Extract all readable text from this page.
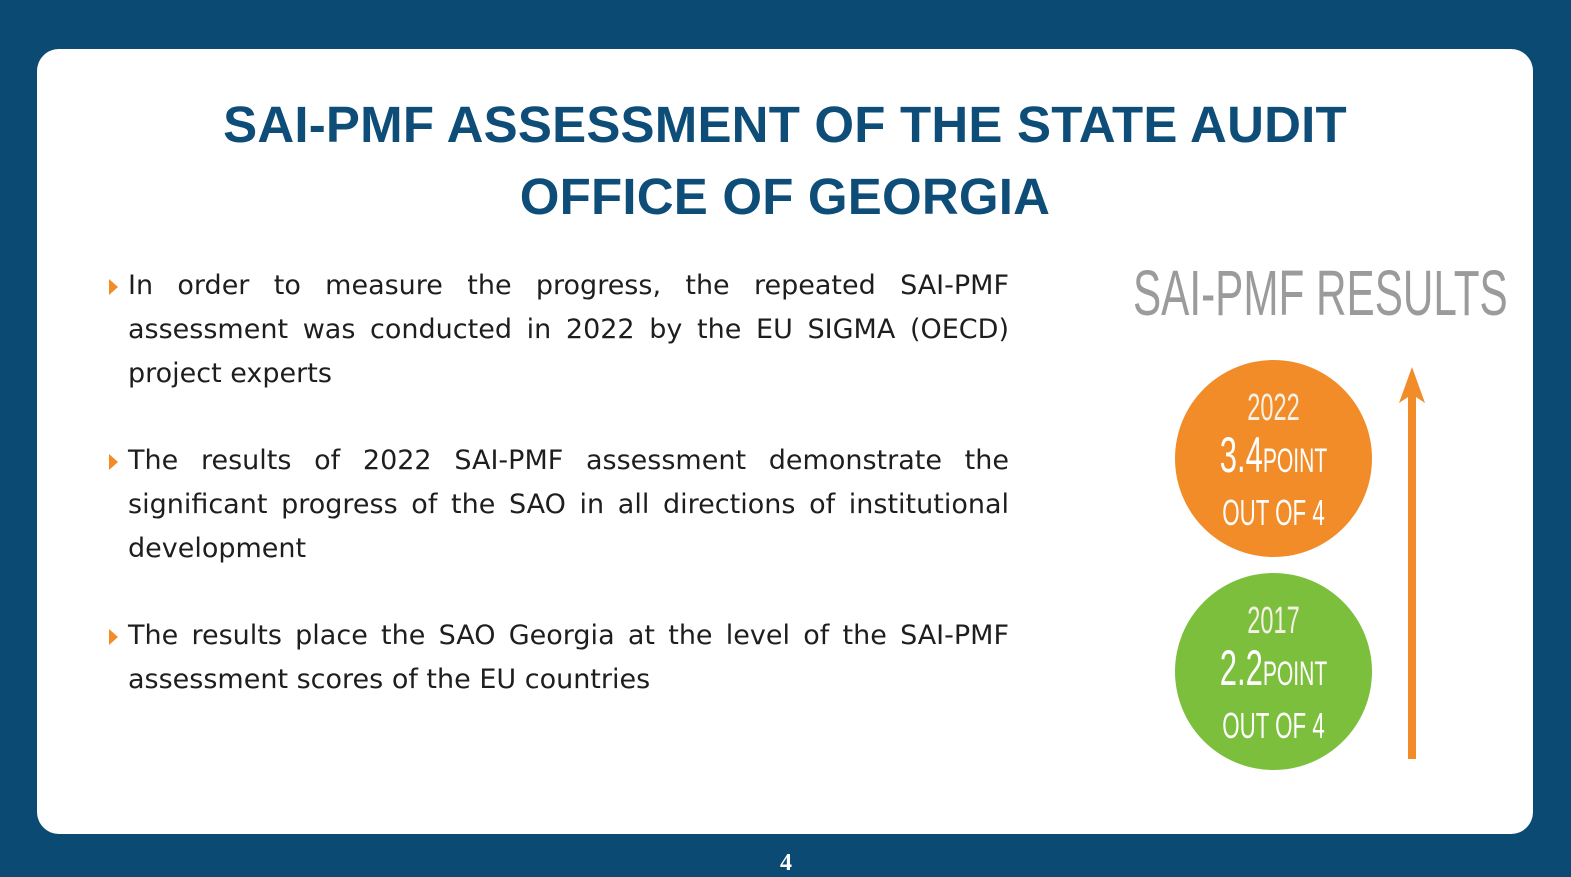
SAI-PMF ASSESSMENT OF THE STATE AUDIT OFFICE OF GEORGIA
In order to measure the progress, the repeated SAI-PMF assessment was conducted in 2022 by the EU SIGMA (OECD) project experts
The results of 2022 SAI-PMF assessment demonstrate the significant progress of the SAO in all directions of institutional development
The results place the SAO Georgia at the level of the SAI-PMF assessment scores of the EU countries
SAI-PMF RESULTS
2022
3.4POINT
OUT OF 4
2017
2.2POINT
OUT OF 4
4
